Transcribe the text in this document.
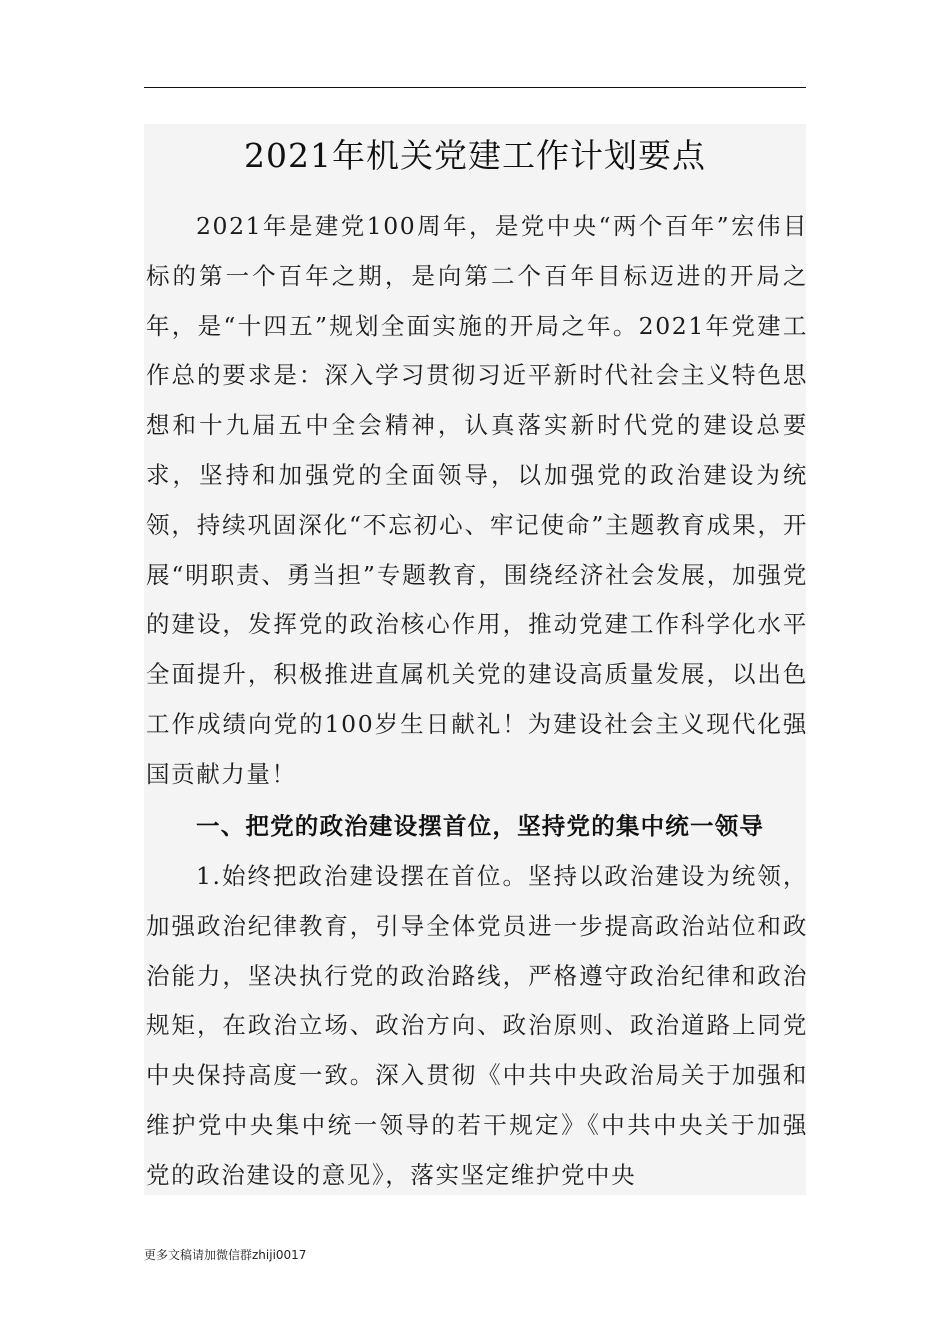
2021年机关党建工作计划要点

2021年是建党100周年，是党中央“两个百年”宏伟目标的第一个百年之期，是向第二个百年目标迈进的开局之年，是“十四五”规划全面实施的开局之年。2021年党建工作总的要求是：深入学习贯彻习近平新时代社会主义特色思想和十九届五中全会精神，认真落实新时代党的建设总要求，坚持和加强党的全面领导，以加强党的政治建设为统领，持续巩固深化“不忘初心、牢记使命”主题教育成果，开展“明职责、勇当担”专题教育，围绕经济社会发展，加强党的建设，发挥党的政治核心作用，推动党建工作科学化水平全面提升，积极推进直属机关党的建设高质量发展，以出色工作成绩向党的100岁生日献礼！为建设社会主义现代化强国贡献力量！

一、把党的政治建设摆首位，坚持党的集中统一领导

1.始终把政治建设摆在首位。坚持以政治建设为统领，加强政治纪律教育，引导全体党员进一步提高政治站位和政治能力，坚决执行党的政治路线，严格遵守政治纪律和政治规矩，在政治立场、政治方向、政治原则、政治道路上同党中央保持高度一致。深入贯彻《中共中央政治局关于加强和维护党中央集中统一领导的若干规定》《中共中央关于加强党的政治建设的意见》，落实坚定维护党中央

更多文稿请加微信群zhiji0017
